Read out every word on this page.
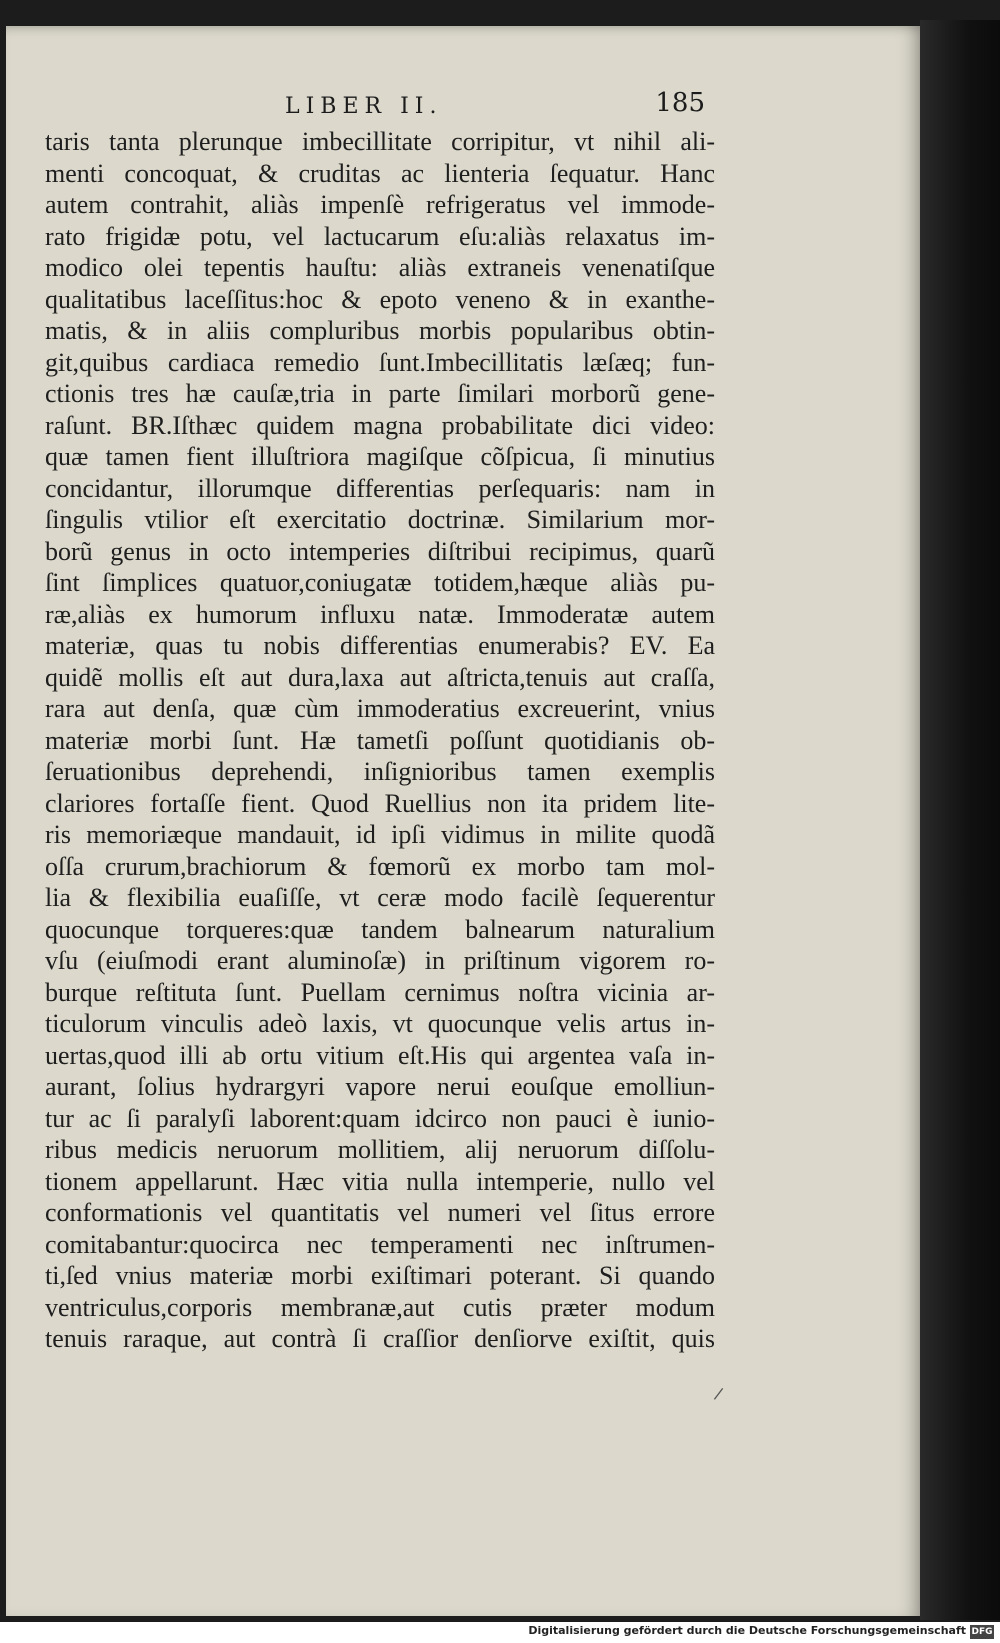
LIBER II.	185
taris tanta plerunque imbecillitate corripitur, vt nihil ali-
menti concoquat, & cruditas ac lienteria ſequatur. Hanc
autem contrahit, aliàs impenſè refrigeratus vel immode-
rato frigidæ potu, vel lactucarum eſu:aliàs relaxatus im-
modico olei tepentis hauſtu: aliàs extraneis venenatiſque
qualitatibus laceſſitus:hoc & epoto veneno & in exanthe-
matis, & in aliis compluribus morbis popularibus obtin-
git,quibus cardiaca remedio ſunt.Imbecillitatis læſæq; fun-
ctionis tres hæ cauſæ,tria in parte ſimilari morborũ gene-
raſunt. BR.Iſthæc quidem magna probabilitate dici video:
quæ tamen fient illuſtriora magiſque cõſpicua, ſi minutius
concidantur, illorumque differentias perſequaris: nam in
ſingulis vtilior eſt exercitatio doctrinæ. Similarium mor-
borũ genus in octo intemperies diſtribui recipimus, quarũ
ſint ſimplices quatuor,coniugatæ totidem,hæque aliàs pu-
ræ,aliàs ex humorum influxu natæ. Immoderatæ autem
materiæ, quas tu nobis differentias enumerabis? EV. Ea
quidẽ mollis eſt aut dura,laxa aut aſtricta,tenuis aut craſſa,
rara aut denſa, quæ cùm immoderatius excreuerint, vnius
materiæ morbi ſunt. Hæ tametſi poſſunt quotidianis ob-
ſeruationibus deprehendi, inſignioribus tamen exemplis
clariores fortaſſe fient. Quod Ruellius non ita pridem lite-
ris memoriæque mandauit, id ipſi vidimus in milite quodã
oſſa crurum,brachiorum & fœmorũ ex morbo tam mol-
lia & flexibilia euaſiſſe, vt ceræ modo facilè ſequerentur
quocunque torqueres:quæ tandem balnearum naturalium
vſu (eiuſmodi erant aluminoſæ) in priſtinum vigorem ro-
burque reſtituta ſunt. Puellam cernimus noſtra vicinia ar-
ticulorum vinculis adeò laxis, vt quocunque velis artus in-
uertas,quod illi ab ortu vitium eſt.His qui argentea vaſa in-
aurant, ſolius hydrargyri vapore nerui eouſque emolliun-
tur ac ſi paralyſi laborent:quam idcirco non pauci è iunio-
ribus medicis neruorum mollitiem, alij neruorum diſſolu-
tionem appellarunt. Hæc vitia nulla intemperie, nullo vel
conformationis vel quantitatis vel numeri vel ſitus errore
comitabantur:quocirca nec temperamenti nec inſtrumen-
ti,ſed vnius materiæ morbi exiſtimari poterant. Si quando
ventriculus,corporis membranæ,aut cutis præter modum
tenuis raraque, aut contrà ſi craſſior denſiorve exiſtit, quis
/
Digitalisierung gefördert durch die Deutsche Forschungsgemeinschaft DFG
